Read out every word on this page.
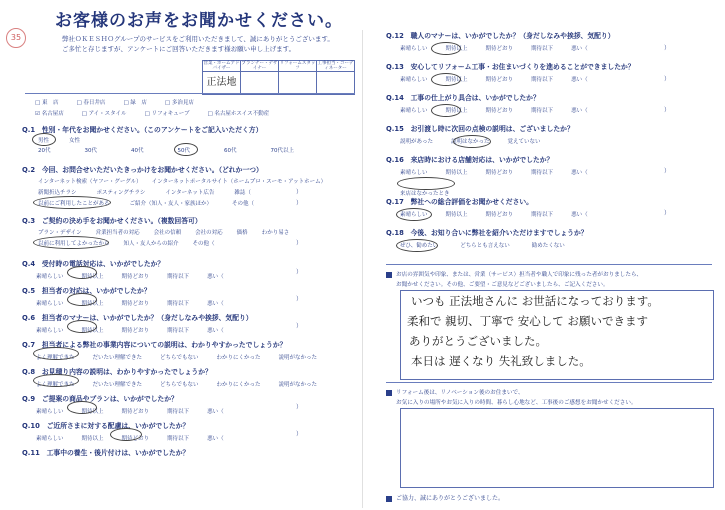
35
お客様のお声をお聞かせください。
弊社ＯＫＥＳＨＯグループのサービスをご利用いただきまして、誠にありがとうございます。
ご多忙と存じますが、アンケートにご回答いただきます様お願い申し上げます。
営業・ホームアドバイザー	プランナー・デザイナー	リフォームスタッフ	工事担当・コーディネーター
正法地			
□ 東　店	□ 春日井店	□ 緑　店	□ 多治見店
☑ 名古屋店	□ アイ・スタイル	□ リフォキューブ	□ 名古屋ホスイス不動産
Q.1　 性別・年代をお聞かせください。（このアンケートをご記入いただく方）
男性	女性
20代	30代	40代	50代	60代	70代以上
Q.2　 今回、お問合せいただいたきっかけをお聞かせください。（どれか一つ）
インターネット検索（ヤフー・グーグル） インターネットポータルサイト（ホームプロ・スーモ・アットホーム）
新聞折込チラシ	ポスティングチラシ	インターネット広告	雑誌（
以前にご利用したことがある	ご紹介（知人・友人・家族ほか）	その他（
）
）
Q.3　 ご契約の決め手をお聞かせください。（複数回答可）
プラン・デザイン	営業担当者の対応	会社の信頼	会社の対応	価格	わかり易さ
以前に利用してよかったから	知人・友人からの紹介	その他（	）
Q.4　 受付時の電話対応は、いかがでしたか？
素晴らしい	期待以上	期待どおり	期待以下	悪い（
Q.5　 担当者の対応は、いかがでしたか？
素晴らしい	期待以上	期待どおり	期待以下	悪い（
Q.6　 担当者のマナーは、いかがでしたか？（身だしなみや挨拶、気配り）
素晴らしい	期待以上	期待どおり	期待以下	悪い（
Q.7　 担当者による弊社の事業内容についての説明は、わかりやすかったでしょうか？
よく理解できた	だいたい理解できた	どちらでもない	わかりにくかった	説明がなかった
Q.8　 お見積り内容の説明は、わかりやすかったでしょうか？
よく理解できた	だいたい理解できた	どちらでもない	わかりにくかった	説明がなかった
Q.9　 ご提案の商品やプランは、いかがでしたか？
素晴らしい	期待以上	期待どおり	期待以下	悪い（
Q.10　 ご近所さまに対する配慮は、いかがでしたか？
素晴らしい	期待以上	期待どおり	期待以下	悪い（
Q.11　 工事中の養生・後片付けは、いかがでしたか？
）
）
）
）
）
Q.12　 職人のマナーは、いかがでしたか？（身だしなみや挨拶、気配り）
素晴らしい	期待以上	期待どおり	期待以下	悪い（
Q.13　 安心してリフォーム工事・お住まいづくりを進めることができましたか？
素晴らしい	期待以上	期待どおり	期待以下	悪い（
Q.14　 工事の仕上がり具合は、いかがでしたか？
素晴らしい	期待以上	期待どおり	期待以下	悪い（
Q.15　 お引渡し時に次回の点検の説明は、ございましたか？
説明があった	説明はなかった	覚えていない
Q.16　 来店時における店舗対応は、いかがでしたか？
素晴らしい	期待以上	期待どおり	期待以下	悪い（
来店はなかったとき
Q.17　 弊社への総合評価をお聞かせください。
素晴らしい	期待以上	期待どおり	期待以下	悪い（
Q.18　 今後、お知り合いに弊社を紹介いただけますでしょうか？
ぜひ、勧めたい	どちらとも言えない	勧めたくない
）
）
）
）
）
お店の雰囲気や印象、または、営業（サービス）担当者や職人で印象に残った者がおりましたら、
お聞かせください。その他、ご要望・ご意見などございましたら、ご記入ください。
いつも 正法地さんに お世話になっております。
柔和で 親切、丁寧で 安心して お願いできます
ありがとうございました。
本日は 遅くなり 失礼致しました。
リフォーム後は、リノベーション後のお住まいで、
お気に入りの場所やお気に入りの時間、暮らし心地など、工事後のご感想をお聞かせください。
ご協力、誠にありがとうございました。
